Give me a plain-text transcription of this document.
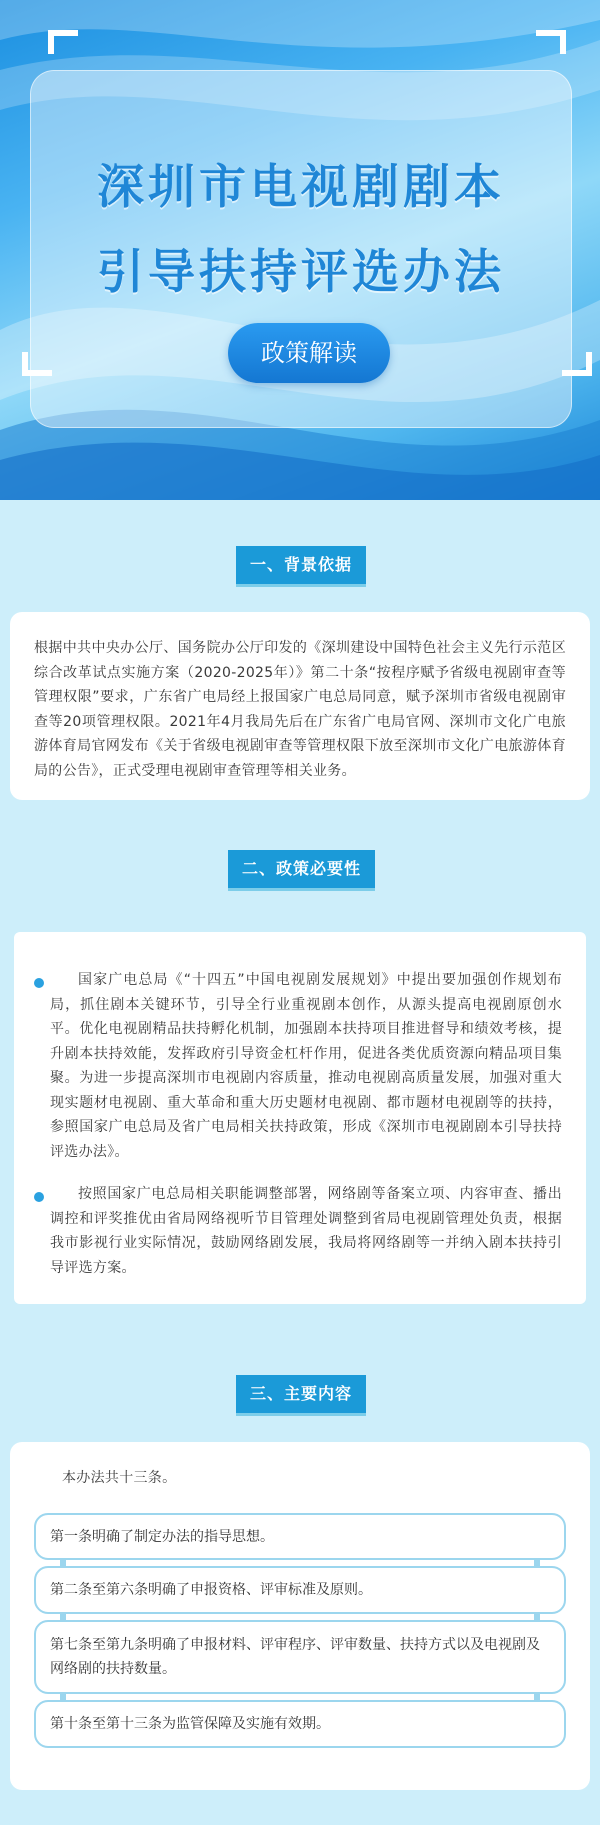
深圳市电视剧剧本
引导扶持评选办法
政策解读
一、背景依据

根据中共中央办公厅、国务院办公厅印发的《深圳建设中国特色社会主义先行示范区综合改革试点实施方案（2020-2025年）》第二十条“按程序赋予省级电视剧审查等管理权限”要求，广东省广电局经上报国家广电总局同意，赋予深圳市省级电视剧审查等20项管理权限。2021年4月我局先后在广东省广电局官网、深圳市文化广电旅游体育局官网发布《关于省级电视剧审查等管理权限下放至深圳市文化广电旅游体育局的公告》，正式受理电视剧审查管理等相关业务。

二、政策必要性

国家广电总局《“十四五”中国电视剧发展规划》中提出要加强创作规划布局，抓住剧本关键环节，引导全行业重视剧本创作，从源头提高电视剧原创水平。优化电视剧精品扶持孵化机制，加强剧本扶持项目推进督导和绩效考核，提升剧本扶持效能，发挥政府引导资金杠杆作用，促进各类优质资源向精品项目集聚。为进一步提高深圳市电视剧内容质量，推动电视剧高质量发展，加强对重大现实题材电视剧、重大革命和重大历史题材电视剧、都市题材电视剧等的扶持，参照国家广电总局及省广电局相关扶持政策，形成《深圳市电视剧剧本引导扶持评选办法》。

按照国家广电总局相关职能调整部署，网络剧等备案立项、内容审查、播出调控和评奖推优由省局网络视听节目管理处调整到省局电视剧管理处负责，根据我市影视行业实际情况，鼓励网络剧发展，我局将网络剧等一并纳入剧本扶持引导评选方案。

三、主要内容

本办法共十三条。

第一条明确了制定办法的指导思想。
第二条至第六条明确了申报资格、评审标准及原则。
第七条至第九条明确了申报材料、评审程序、评审数量、扶持方式以及电视剧及网络剧的扶持数量。
第十条至第十三条为监管保障及实施有效期。
